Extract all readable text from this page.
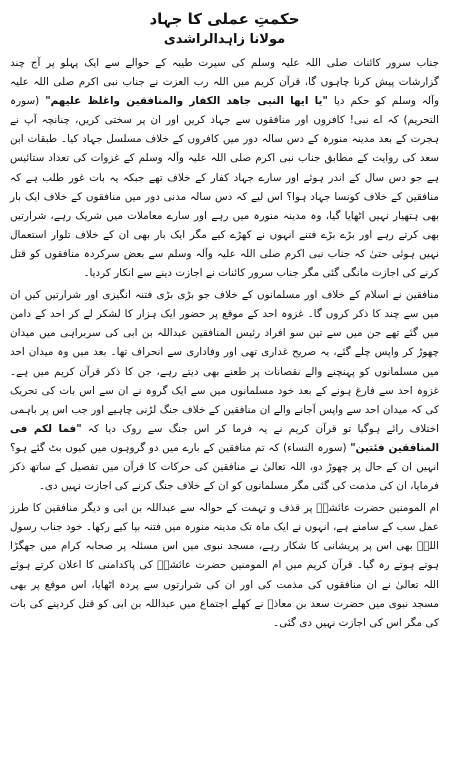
حکمتِ عملی کا جہاد
مولانا زاہدالراشدی

جناب سرور کائنات صلی اللہ علیہ وسلم کی سیرت طیبہ کے حوالے سے ایک پہلو پر آج چند گزارشات پیش کرنا چاہوں گا، قرآن کریم میں اللہ رب العزت نے جناب نبی اکرم صلی اللہ علیہ وآلہ وسلم کو حکم دیا "یا ایھا النبی جاھد الکفار والمنافقین واغلظ علیھم" (سورہ التحریم) کہ اے نبی! کافروں اور منافقوں سے جہاد کریں اور ان پر سختی کریں، چنانچہ آپ نے ہجرت کے بعد مدینہ منورہ کے دس سالہ دور میں کافروں کے خلاف مسلسل جہاد کیا۔ طبقات ابن سعد کی روایت کے مطابق جناب نبی اکرم صلی اللہ علیہ وآلہ وسلم کے غزوات کی تعداد ستائیس ہے جو دس سال کے اندر ہوئے اور سارے جہاد کفار کے خلاف تھے جبکہ یہ بات غور طلب ہے کہ منافقین کے خلاف کونسا جہاد ہوا؟ اس لیے کہ دس سالہ مدنی دور میں منافقوں کے خلاف ایک بار بھی ہتھیار نہیں اٹھایا گیا، وہ مدینہ منورہ میں رہے اور سارے معاملات میں شریک رہے، شرارتیں بھی کرتے رہے اور بڑے بڑے فتنے انہوں نے کھڑے کیے مگر ایک بار بھی ان کے خلاف تلوار استعمال نہیں ہوئی حتیٰ کہ جناب نبی اکرم صلی اللہ علیہ وآلہ وسلم سے بعض سرکردہ منافقوں کو قتل کرنے کی اجازت مانگی گئی مگر جناب سرور کائنات نے اجازت دینے سے انکار کردیا۔

منافقین نے اسلام کے خلاف اور مسلمانوں کے خلاف جو بڑی بڑی فتنہ انگیزی اور شرارتیں کیں ان میں سے چند کا ذکر کروں گا۔ غزوہ احد کے موقع پر حضور ایک ہزار کا لشکر لے کر احد کے دامن میں گئے تھے جن میں سے تین سو افراد رئیس المنافقین عبداللہ بن ابی کی سربراہی میں میدان چھوڑ کر واپس چلے گئے، یہ صریح غداری تھی اور وفاداری سے انحراف تھا۔ بعد میں وہ میدان احد میں مسلمانوں کو پہنچنے والے نقصانات پر طعنے بھی دیتے رہے، جن کا ذکر قرآن کریم میں ہے۔ غزوہ احد سے فارغ ہونے کے بعد خود مسلمانوں میں سے ایک گروہ نے ان سے اس بات کی تحریک کی کہ میدان احد سے واپس آجانے والے ان منافقین کے خلاف جنگ لڑنی چاہیے اور جب اس پر باہمی اختلاف رائے ہوگیا تو قرآن کریم نے یہ فرما کر اس جنگ سے روک دیا کہ "فما لکم فی المنافقین فئتین" (سورہ النساء) کہ تم منافقین کے بارے میں دو گروہوں میں کیوں بٹ گئے ہو؟ انہیں ان کے حال پر چھوڑ دو، اللہ تعالیٰ نے منافقین کی حرکات کا قرآن میں تفصیل کے ساتھ ذکر فرمایا، ان کی مذمت کی گئی مگر مسلمانوں کو ان کے خلاف جنگ کرنے کی اجازت نہیں دی۔

ام المومنین حضرت عائشہؓ پر قذف و تہمت کے حوالہ سے عبداللہ بن ابی و دیگر منافقین کا طرز عمل سب کے سامنے ہے، انہوں نے ایک ماہ تک مدینہ منورہ میں فتنہ بپا کیے رکھا۔ خود جناب رسول اللہؐ بھی اس پر پریشانی کا شکار رہے، مسجد نبوی میں اس مسئلہ پر صحابہ کرام میں جھگڑا ہوتے ہوتے رہ گیا۔ قرآن کریم میں ام المومنین حضرت عائشہؓ کی پاکدامنی کا اعلان کرتے ہوئے اللہ تعالیٰ نے ان منافقوں کی مذمت کی اور ان کی شرارتوں سے پردہ اٹھایا، اس موقع پر بھی مسجد نبوی میں حضرت سعد بن معاذؓ نے کھلے اجتماع میں عبداللہ بن ابی کو قتل کردینے کی بات کی مگر اس کی اجازت نہیں دی گئی۔
